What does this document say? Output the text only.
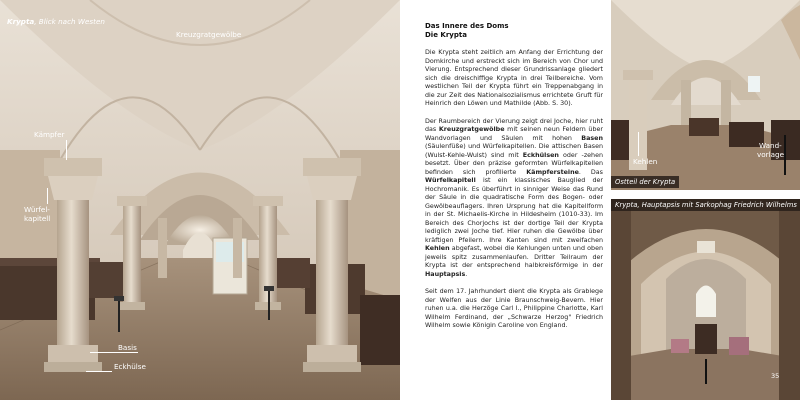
Krypta, Blick nach Westen
Kreuzgratgewölbe
Kämpfer
Würfel-
kapitell
Basis
Eckhülse
Das Innere des Doms
Die Krypta

Die Krypta steht zeitlich am Anfang der Errichtung der Domkirche und erstreckt sich im Bereich von Chor und Vierung. Entsprechend dieser Grundrissanlage gliedert sich die dreischiffige Krypta in drei Teilbereiche. Vom westlichen Teil der Krypta führt ein Treppenabgang in die zur Zeit des Nationalsozialismus errichtete Gruft für Heinrich den Löwen und Mathilde (Abb. S. 30).

Der Raumbereich der Vierung zeigt drei Joche, hier ruht das Kreuzgratgewölbe mit seinen neun Feldern über Wandvorlagen und Säulen mit hohen Basen (Säulenfüße) und Würfelkapitellen. Die attischen Basen (Wulst-Kehle-Wulst) sind mit Eckhülsen oder -zehen besetzt. Über den präzise geformten Würfelkapitellen befinden sich profilierte Kämpfersteine. Das Würfelkapitell ist ein klassisches Bauglied der Hochromanik. Es überführt in sinniger Weise das Rund der Säule in die quadratische Form des Bogen- oder Gewölbeauflagers. Ihren Ursprung hat die Kapitellform in der St. Michaelis-Kirche in Hildesheim (1010-33). Im Bereich des Chorjochs ist der dortige Teil der Krypta lediglich zwei Joche tief. Hier ruhen die Gewölbe über kräftigen Pfeilern. Ihre Kanten sind mit zweifachen Kehlen abgefast, wobei die Kehlungen unten und oben jeweils spitz zusammenlaufen. Dritter Teilraum der Krypta ist der entsprechend halbkreisförmige in der Hauptapsis.

Seit dem 17. Jahrhundert dient die Krypta als Grablege der Welfen aus der Linie Braunschweig-Bevern. Hier ruhen u.a. die Herzöge Carl I., Philippine Charlotte, Karl Wilhelm Ferdinand, der „Schwarze Herzog" Friedrich Wilhelm sowie Königin Caroline von England.

Kehlen
Wand-
vorlage
Ostteil der Krypta
Krypta, Hauptapsis mit Sarkophag Friedrich Wilhelms
35
